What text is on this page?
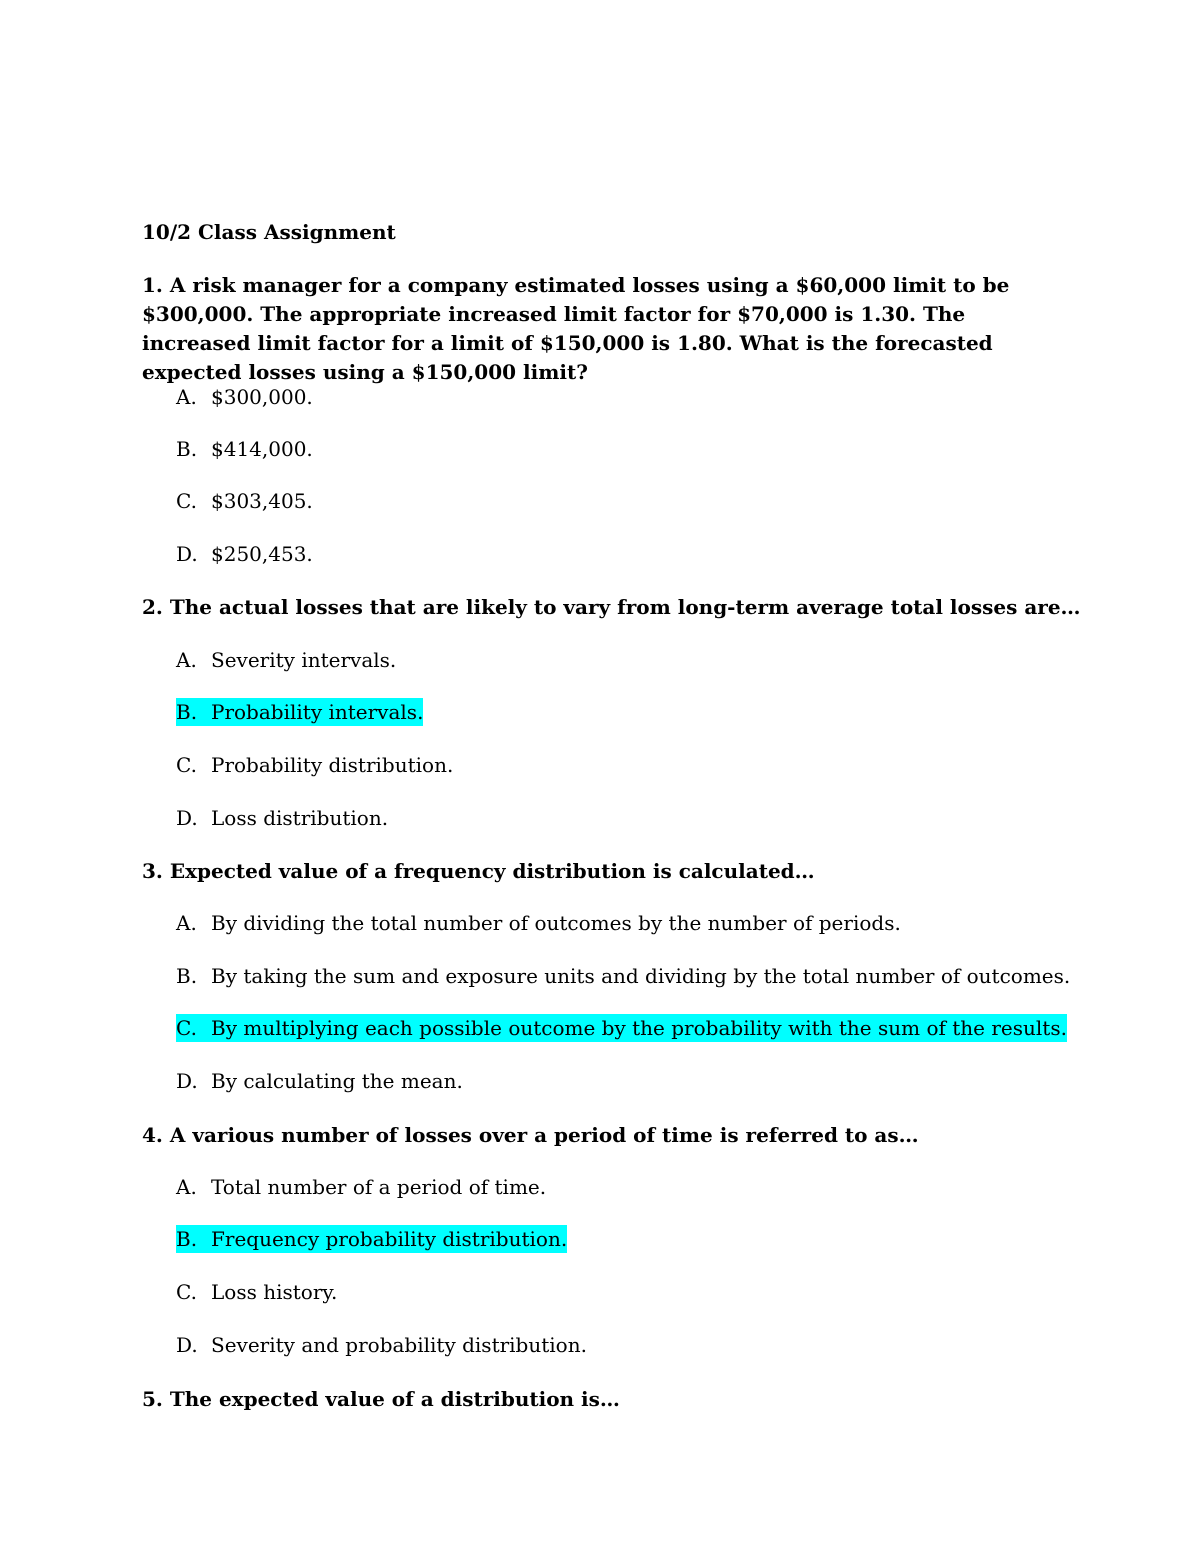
10/2 Class Assignment
1. A risk manager for a company estimated losses using a $60,000 limit to be $300,000. The appropriate increased limit factor for $70,000 is 1.30. The increased limit factor for a limit of $150,000 is 1.80. What is the forecasted expected losses using a $150,000 limit?
A. $300,000.
B. $414,000.
C. $303,405.
D. $250,453.
2. The actual losses that are likely to vary from long-term average total losses are…
A. Severity intervals.
B. Probability intervals.
C. Probability distribution.
D. Loss distribution.
3. Expected value of a frequency distribution is calculated…
A. By dividing the total number of outcomes by the number of periods.
B. By taking the sum and exposure units and dividing by the total number of outcomes.
C. By multiplying each possible outcome by the probability with the sum of the results.
D. By calculating the mean.
4. A various number of losses over a period of time is referred to as…
A. Total number of a period of time.
B. Frequency probability distribution.
C. Loss history.
D. Severity and probability distribution.
5. The expected value of a distribution is…
